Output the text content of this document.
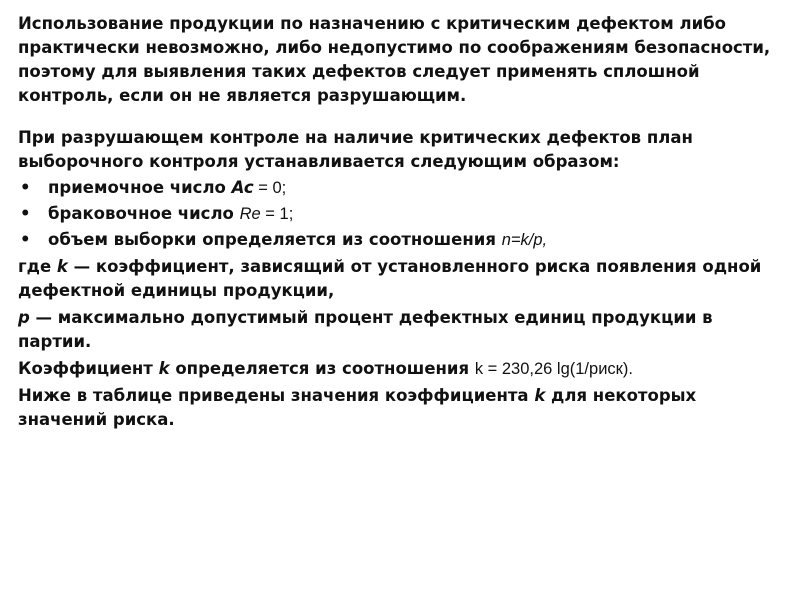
Использование продукции по назначению с критическим дефектом либо практически невозможно, либо недопустимо по соображениям безопасности, поэтому для выявления таких дефектов следует применять сплошной контроль, если он не является разрушающим.

При разрушающем контроле на наличие критических дефектов план выборочного контроля устанавливается следующим образом:

• приемочное число Ac = 0;
• браковочное число Re = 1;
• объем выборки определяется из соотношения n=k/p,

где k — коэффициент, зависящий от установленного риска появления одной дефектной единицы продукции,

p — максимально допустимый процент дефектных единиц продукции в партии.

Коэффициент k определяется из соотношения k = 230,26 lg(1/риск).

Ниже в таблице приведены значения коэффициента k для некоторых значений риска.
